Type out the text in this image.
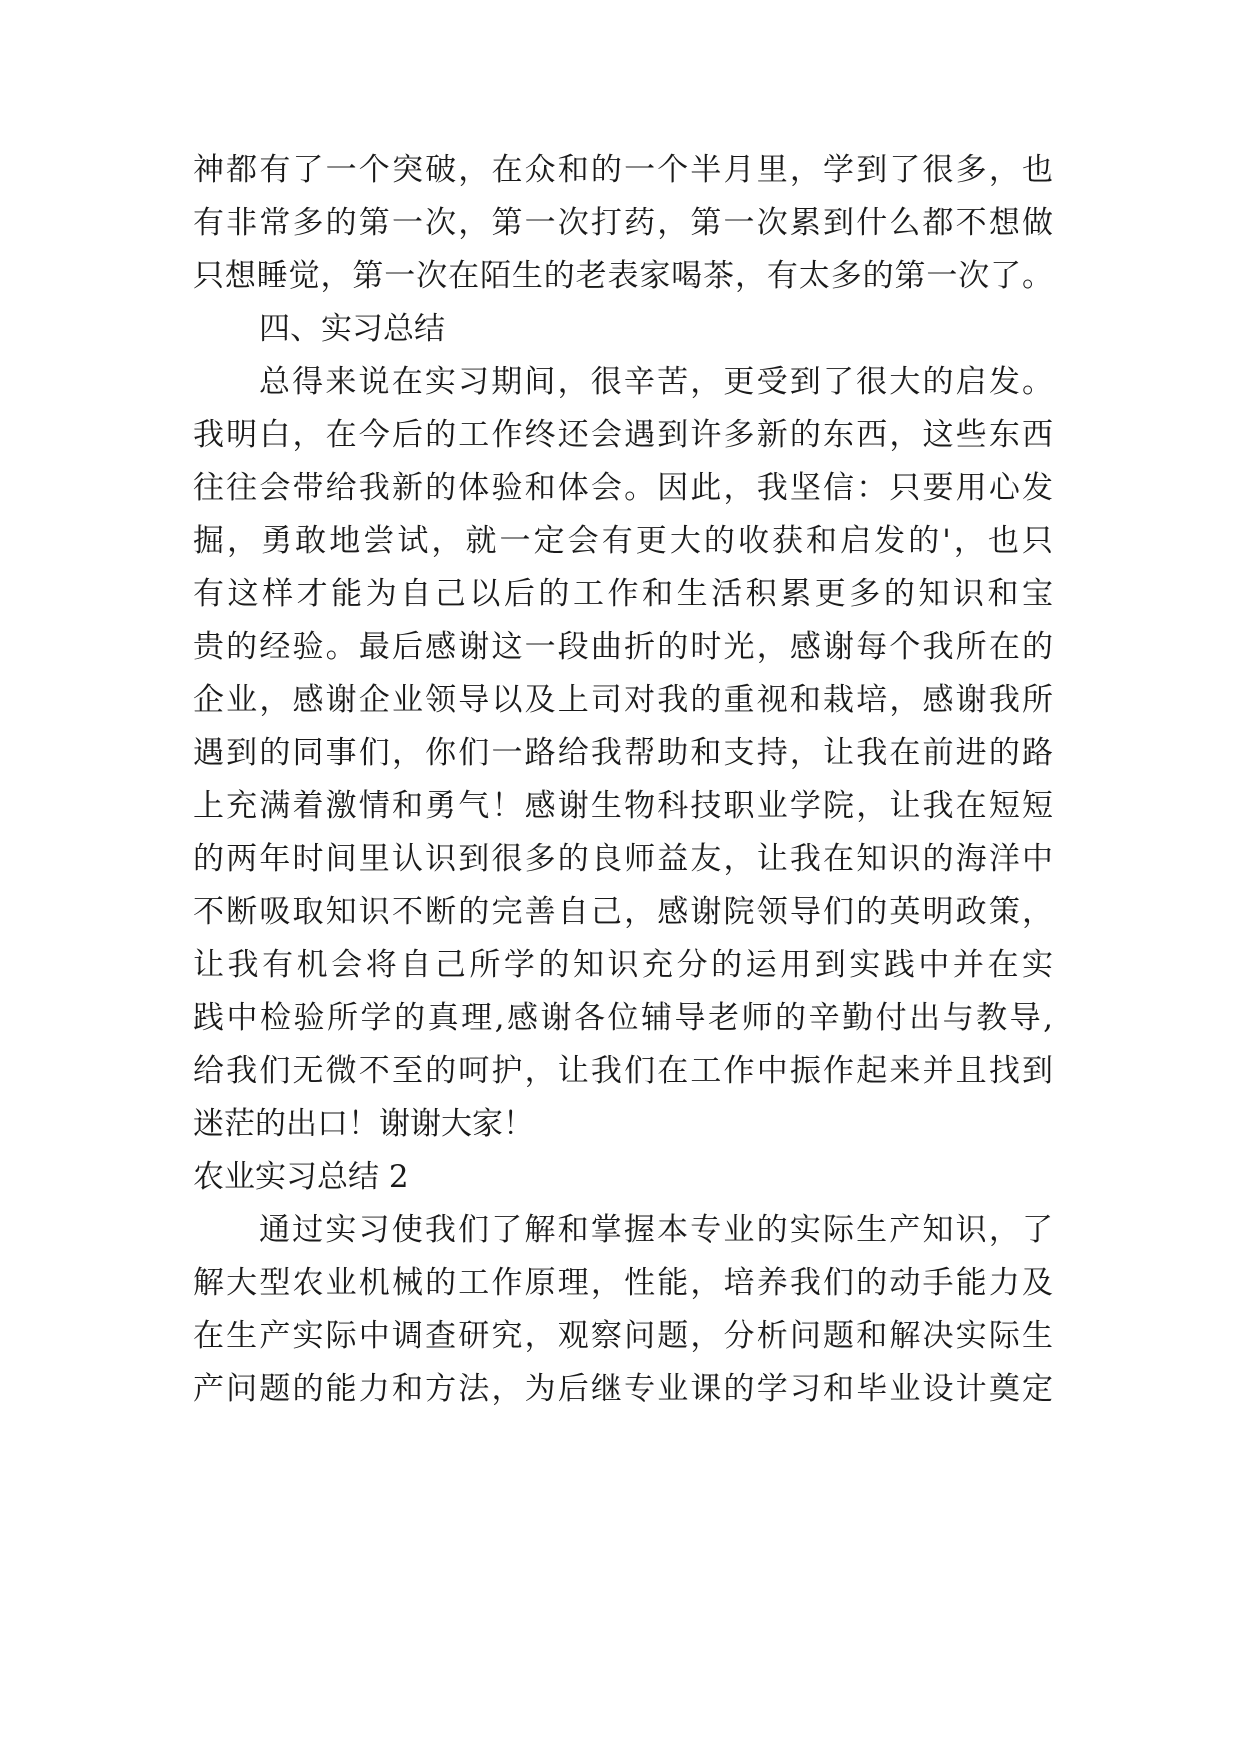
神都有了一个突破，在众和的一个半月里，学到了很多，也
有非常多的第一次，第一次打药，第一次累到什么都不想做
只想睡觉，第一次在陌生的老表家喝茶，有太多的第一次了。
四、实习总结
总得来说在实习期间，很辛苦，更受到了很大的启发。
我明白，在今后的工作终还会遇到许多新的东西，这些东西
往往会带给我新的体验和体会。因此，我坚信：只要用心发
掘，勇敢地尝试，就一定会有更大的收获和启发的'，也只
有这样才能为自己以后的工作和生活积累更多的知识和宝
贵的经验。最后感谢这一段曲折的时光，感谢每个我所在的
企业，感谢企业领导以及上司对我的重视和栽培，感谢我所
遇到的同事们，你们一路给我帮助和支持，让我在前进的路
上充满着激情和勇气！感谢生物科技职业学院，让我在短短
的两年时间里认识到很多的良师益友，让我在知识的海洋中
不断吸取知识不断的完善自己，感谢院领导们的英明政策，
让我有机会将自己所学的知识充分的运用到实践中并在实
践中检验所学的真理,感谢各位辅导老师的辛勤付出与教导,
给我们无微不至的呵护，让我们在工作中振作起来并且找到
迷茫的出口！谢谢大家！
农业实习总结 2
通过实习使我们了解和掌握本专业的实际生产知识，了
解大型农业机械的工作原理，性能，培养我们的动手能力及
在生产实际中调查研究，观察问题，分析问题和解决实际生
产问题的能力和方法，为后继专业课的学习和毕业设计奠定
